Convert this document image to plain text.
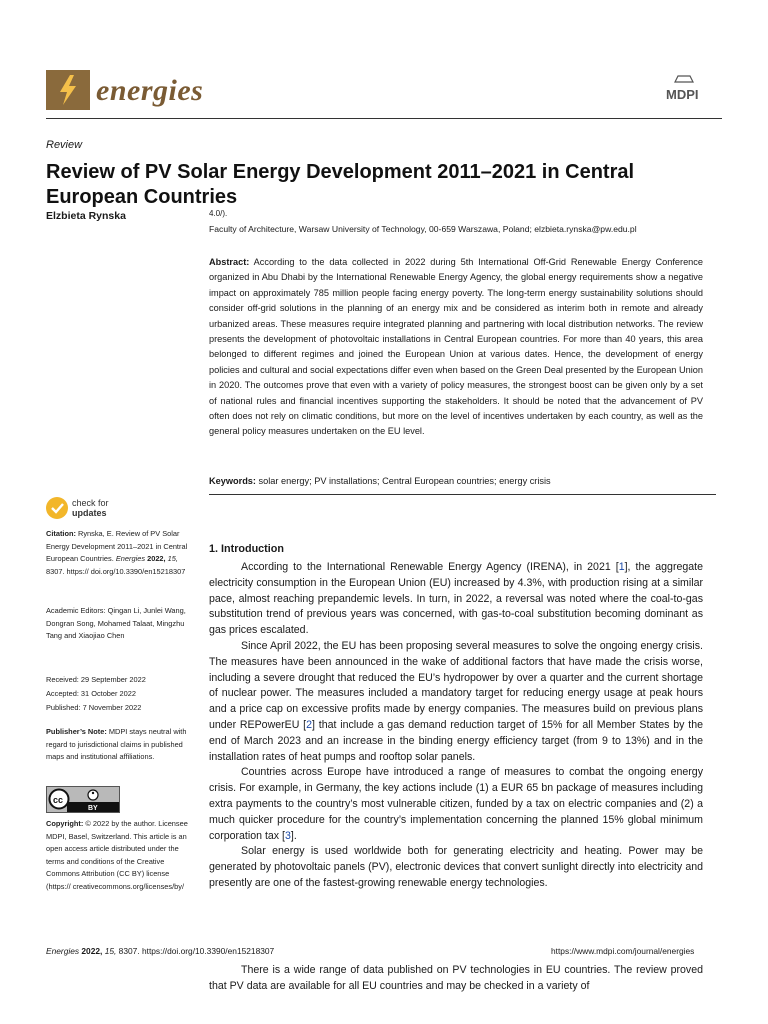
energies	MDPI
Review
Review of PV Solar Energy Development 2011–2021 in Central European Countries
Elzbieta Rynska	4.0/).
Faculty of Architecture, Warsaw University of Technology, 00-659 Warszawa, Poland; elzbieta.rynska@pw.edu.pl
Abstract: According to the data collected in 2022 during 5th International Off-Grid Renewable Energy Conference organized in Abu Dhabi by the International Renewable Energy Agency, the global energy requirements show a negative impact on approximately 785 million people facing energy poverty. The long-term energy sustainability solutions should consider off-grid solutions in the planning of an energy mix and be considered as interim both in remote and already urbanized areas. These measures require integrated planning and partnering with local distribution networks. The review presents the development of photovoltaic installations in Central European countries. For more than 40 years, this area belonged to different regimes and joined the European Union at various dates. Hence, the development of energy policies and cultural and social expectations differ even when based on the Green Deal presented by the European Union in 2020. The outcomes prove that even with a variety of policy measures, the strongest boost can be given only by a set of national rules and financial incentives supporting the stakeholders. It should be noted that the advancement of PV often does not rely on climatic conditions, but more on the level of incentives undertaken by each country, as well as the general policy measures undertaken on the EU level.
Keywords: solar energy; PV installations; Central European countries; energy crisis
check for
updates
Citation: Rynska, E. Review of PV Solar Energy Development 2011–2021 in Central European Countries. Energies 2022, 15, 8307. https:// doi.org/10.3390/en15218307
Academic Editors: Qingan Li, Junlei Wang, Dongran Song, Mohamed Talaat, Mingzhu Tang and Xiaojiao Chen
Received: 29 September 2022
Accepted: 31 October 2022
Published: 7 November 2022
Publisher’s Note: MDPI stays neutral with regard to jurisdictional claims in published maps and institutional affiliations.
cc
BY
Copyright: © 2022 by the author. Licensee MDPI, Basel, Switzerland. This article is an open access article distributed under the terms and conditions of the Creative Commons Attribution (CC BY) license (https:// creativecommons.org/licenses/by/
1. Introduction

According to the International Renewable Energy Agency (IRENA), in 2021 [1], the aggregate electricity consumption in the European Union (EU) increased by 4.3%, with production rising at a similar pace, almost reaching prepandemic levels. In turn, in 2022, a reversal was noted where the coal-to-gas substitution trend of previous years was concerned, with gas-to-coal substitution becoming dominant as gas prices escalated.

Since April 2022, the EU has been proposing several measures to solve the ongoing energy crisis. The measures have been announced in the wake of additional factors that have made the crisis worse, including a severe drought that reduced the EU’s hydropower by over a quarter and the current shortage of nuclear power. The measures included a mandatory target for reducing energy usage at peak hours and a price cap on excessive profits made by energy companies. The measures build on previous plans under REPowerEU [2] that include a gas demand reduction target of 15% for all Member States by the end of March 2023 and an increase in the binding energy efficiency target (from 9 to 13%) and in the installation rates of heat pumps and rooftop solar panels.

Countries across Europe have introduced a range of measures to combat the ongoing energy crisis. For example, in Germany, the key actions include (1) a EUR 65 bn package of measures including extra payments to the country’s most vulnerable citizen, funded by a tax on electric companies and (2) a much quicker procedure for the country’s implementation concerning the planned 15% global minimum corporation tax [3].

Solar energy is used worldwide both for generating electricity and heating. Power may be generated by photovoltaic panels (PV), electronic devices that convert sunlight directly into electricity and presently are one of the fastest-growing renewable energy technologies.

Energies 2022, 15, 8307. https://doi.org/10.3390/en15218307	https://www.mdpi.com/journal/energies

There is a wide range of data published on PV technologies in EU countries. The review proved that PV data are available for all EU countries and may be checked in a variety of
